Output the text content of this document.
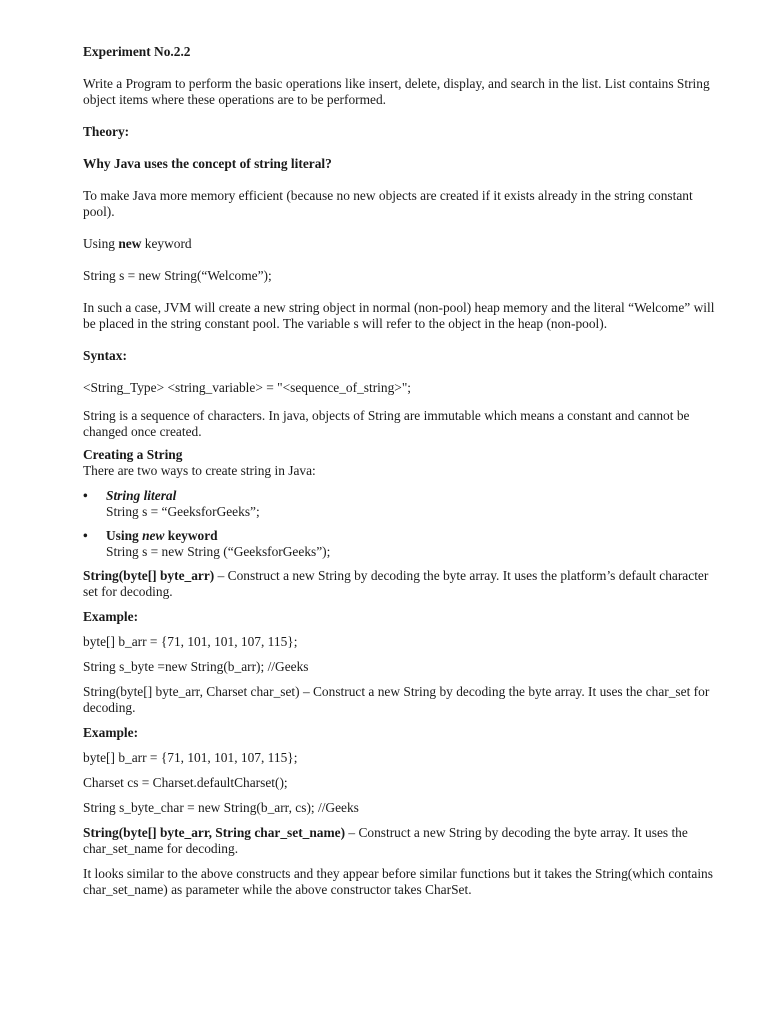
Experiment No.2.2

Write a Program to perform the basic operations like insert, delete, display, and search in the list. List contains String object items where these operations are to be performed.

Theory:

Why Java uses the concept of string literal?

To make Java more memory efficient (because no new objects are created if it exists already in the string constant pool).

Using new keyword

String s = new String(“Welcome”);

In such a case, JVM will create a new string object in normal (non-pool) heap memory and the literal “Welcome” will be placed in the string constant pool. The variable s will refer to the object in the heap (non-pool).

Syntax:

<String_Type> <string_variable> = "<sequence_of_string>";

String is a sequence of characters. In java, objects of String are immutable which means a constant and cannot be changed once created.

Creating a String

There are two ways to create string in Java:

•	String literal

String s = “GeeksforGeeks”;

•	Using new keyword

String s = new String (“GeeksforGeeks”);

String(byte[] byte_arr) – Construct a new String by decoding the byte array. It uses the platform’s default character set for decoding.

Example:

byte[] b_arr = {71, 101, 101, 107, 115};

String s_byte =new String(b_arr); //Geeks

String(byte[] byte_arr, Charset char_set) – Construct a new String by decoding the byte array. It uses the char_set for decoding.

Example:

byte[] b_arr = {71, 101, 101, 107, 115};

Charset cs = Charset.defaultCharset();

String s_byte_char = new String(b_arr, cs); //Geeks

String(byte[] byte_arr, String char_set_name) – Construct a new String by decoding the byte array. It uses the char_set_name for decoding.

It looks similar to the above constructs and they appear before similar functions but it takes the String(which contains char_set_name) as parameter while the above constructor takes CharSet.
